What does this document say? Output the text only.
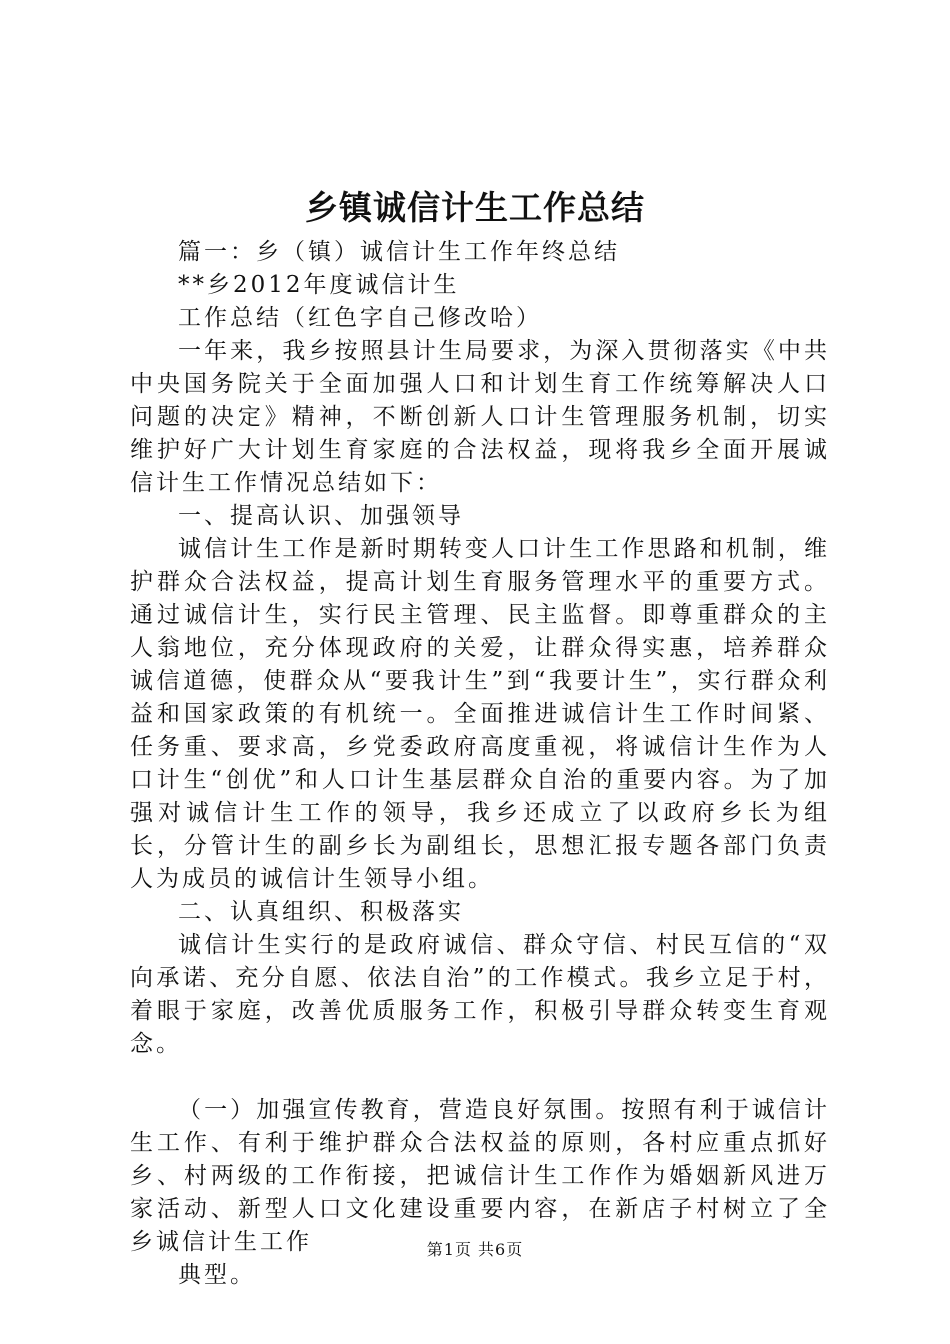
乡镇诚信计生工作总结

篇一：乡（镇）诚信计生工作年终总结

**乡2012年度诚信计生

工作总结（红色字自己修改哈）

一年来，我乡按照县计生局要求，为深入贯彻落实《中共中央国务院关于全面加强人口和计划生育工作统筹解决人口问题的决定》精神，不断创新人口计生管理服务机制，切实维护好广大计划生育家庭的合法权益，现将我乡全面开展诚信计生工作情况总结如下：

一、提高认识、加强领导

诚信计生工作是新时期转变人口计生工作思路和机制，维护群众合法权益，提高计划生育服务管理水平的重要方式。通过诚信计生，实行民主管理、民主监督。即尊重群众的主人翁地位，充分体现政府的关爱，让群众得实惠，培养群众诚信道德，使群众从“要我计生”到“我要计生”，实行群众利益和国家政策的有机统一。全面推进诚信计生工作时间紧、任务重、要求高，乡党委政府高度重视，将诚信计生作为人口计生“创优”和人口计生基层群众自治的重要内容。为了加强对诚信计生工作的领导，我乡还成立了以政府乡长为组长，分管计生的副乡长为副组长，思想汇报专题各部门负责人为成员的诚信计生领导小组。

二、认真组织、积极落实

诚信计生实行的是政府诚信、群众守信、村民互信的“双向承诺、充分自愿、依法自治”的工作模式。我乡立足于村，着眼于家庭，改善优质服务工作，积极引导群众转变生育观念。

（一）加强宣传教育，营造良好氛围。按照有利于诚信计生工作、有利于维护群众合法权益的原则，各村应重点抓好乡、村两级的工作衔接，把诚信计生工作作为婚姻新风进万家活动、新型人口文化建设重要内容，在新店子村树立了全乡诚信计生工作

典型。

第1页 共6页
